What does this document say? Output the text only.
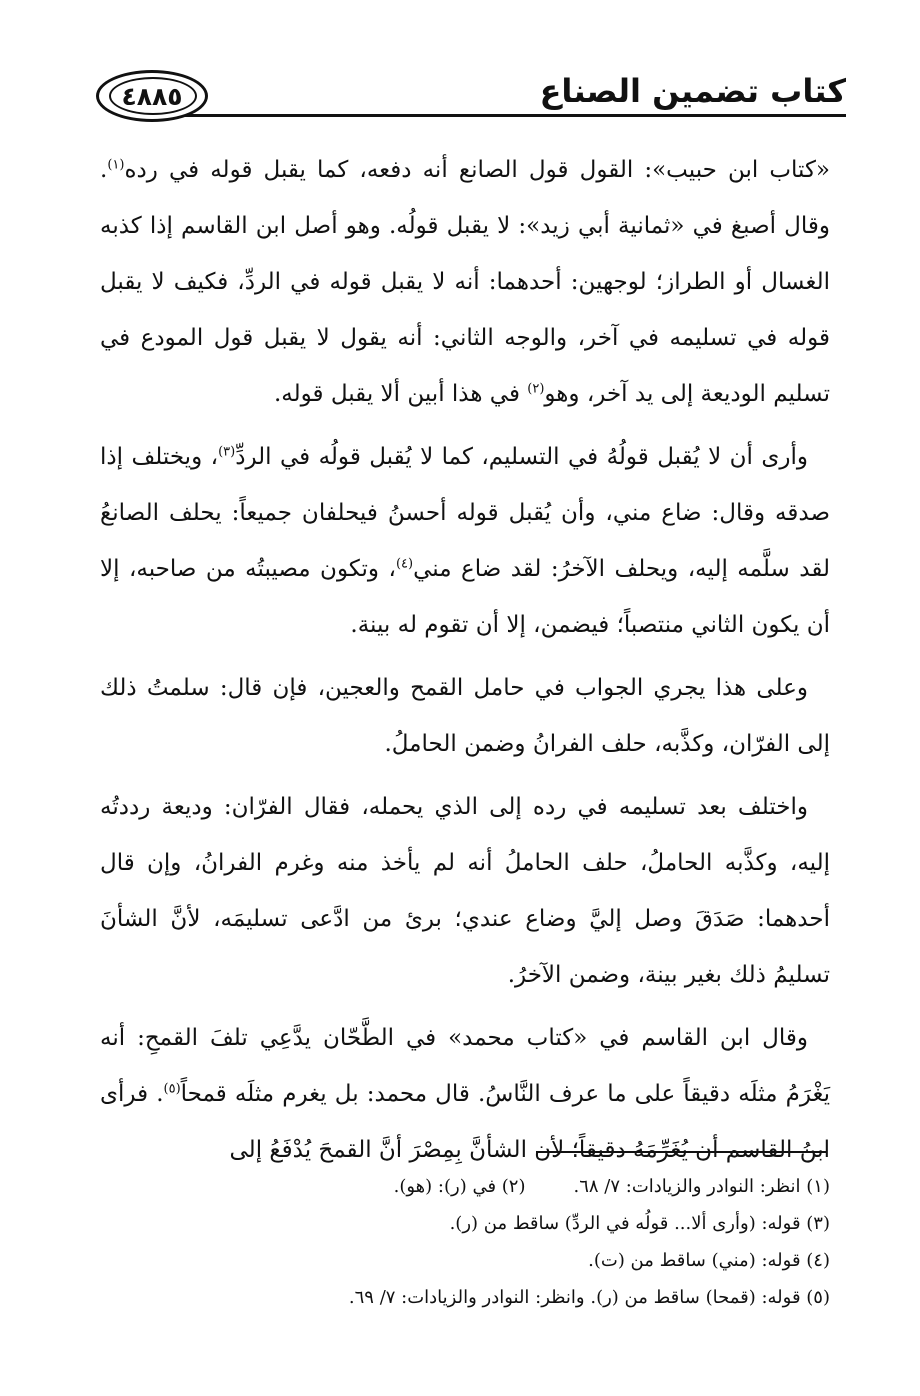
كتاب تضمين الصناع
٤٨٨٥

«كتاب ابن حبيب»: القول قول الصانع أنه دفعه، كما يقبل قوله في رده$^{(١)}$. وقال أصبغ في «ثمانية أبي زيد»: لا يقبل قولُه. وهو أصل ابن القاسم إذا كذبه الغسال أو الطراز؛ لوجهين: أحدهما: أنه لا يقبل قوله في الردِّ، فكيف لا يقبل قوله في تسليمه في آخر، والوجه الثاني: أنه يقول لا يقبل قول المودع في تسليم الوديعة إلى يد آخر، وهو$^{(٢)}$ في هذا أبين ألا يقبل قوله.

وأرى أن لا يُقبل قولُهُ في التسليم، كما لا يُقبل قولُه في الردِّ$^{(٣)}$، ويختلف إذا صدقه وقال: ضاع مني، وأن يُقبل قوله أحسنُ فيحلفان جميعاً: يحلف الصانعُ لقد سلَّمه إليه، ويحلف الآخرُ: لقد ضاع مني$^{(٤)}$، وتكون مصيبتُه من صاحبه، إلا أن يكون الثاني منتصباً؛ فيضمن، إلا أن تقوم له بينة.

وعلى هذا يجري الجواب في حامل القمح والعجين، فإن قال: سلمتُ ذلك إلى الفرّان، وكذَّبه، حلف الفرانُ وضمن الحاملُ.

واختلف بعد تسليمه في رده إلى الذي يحمله، فقال الفرّان: وديعة رددتُه إليه، وكذَّبه الحاملُ، حلف الحاملُ أنه لم يأخذ منه وغرم الفرانُ، وإن قال أحدهما: صَدَقَ وصل إليَّ وضاع عندي؛ برئ من ادَّعى تسليمَه، لأنَّ الشأنَ تسليمُ ذلك بغير بينة، وضمن الآخرُ.

وقال ابن القاسم في «كتاب محمد» في الطَّحّان يدَّعِي تلفَ القمحِ: أنه يَغْرَمُ مثلَه دقيقاً على ما عرف النَّاسُ. قال محمد: بل يغرم مثلَه قمحاً$^{(٥)}$. فرأى ابنُ القاسم أن يُغَرِّمَهُ دقيقاً؛ لأن الشأنَّ بِمِصْرَ أنَّ القمحَ يُدْفَعُ إلى

(١) انظر: النوادر والزيادات: ٧/ ٦٨.
(٢) في (ر): (هو).
(٣) قوله: (وأرى ألا... قولُه في الردِّ) ساقط من (ر).
(٤) قوله: (مني) ساقط من (ت).
(٥) قوله: (قمحا) ساقط من (ر). وانظر: النوادر والزيادات: ٧/ ٦٩.
